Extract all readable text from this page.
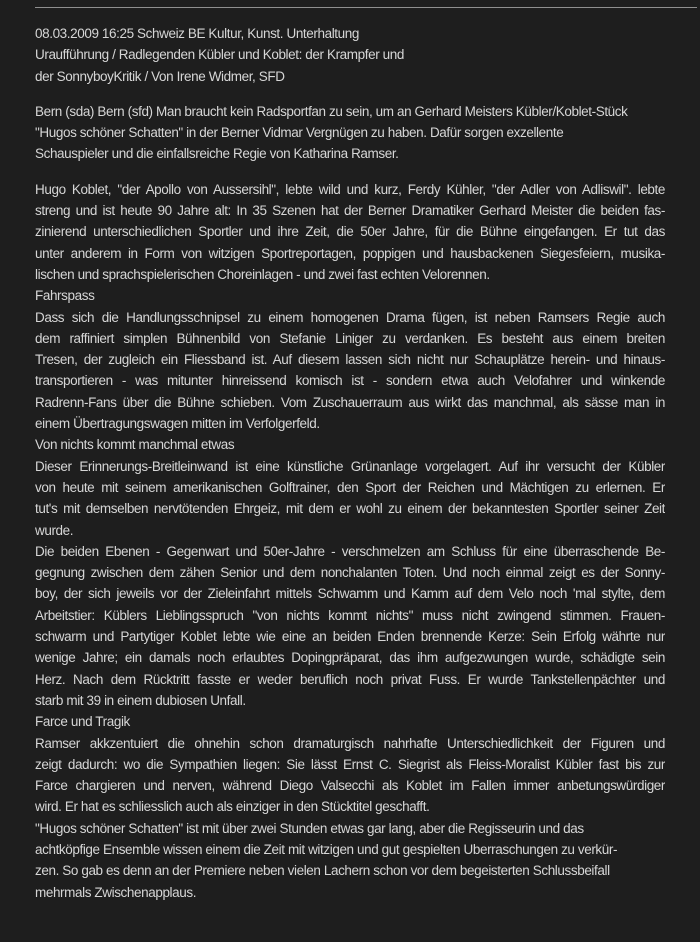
08.03.2009 16:25 Schweiz BE Kultur, Kunst. Unterhaltung
Uraufführung / Radlegenden Kübler und Koblet: der Krampfer und
der SonnyboyKritik / Von Irene Widmer, SFD
Bern (sda) Bern (sfd) Man braucht kein Radsportfan zu sein, um an Gerhard Meisters Kübler/Koblet-Stück
"Hugos schöner Schatten" in der Berner Vidmar Vergnügen zu haben. Dafür sorgen exzellente
Schauspieler und die einfallsreiche Regie von Katharina Ramser.
Hugo Koblet, "der Apollo von Aussersihl", lebte wild und kurz, Ferdy Kühler, "der Adler von Adliswil". lebte
streng und ist heute 90 Jahre alt: In 35 Szenen hat der Berner Dramatiker Gerhard Meister die beiden fas-
zinierend unterschiedlichen Sportler und ihre Zeit, die 50er Jahre, für die Bühne eingefangen. Er tut das
unter anderem in Form von witzigen Sportreportagen, poppigen und hausbackenen Siegesfeiern, musika-
lischen und sprachspielerischen Choreinlagen - und zwei fast echten Velorennen.
Fahrspass
Dass sich die Handlungsschnipsel zu einem homogenen Drama fügen, ist neben Ramsers Regie auch
dem raffiniert simplen Bühnenbild von Stefanie Liniger zu verdanken. Es besteht aus einem breiten
Tresen, der zugleich ein Fliessband ist. Auf diesem lassen sich nicht nur Schauplätze herein- und hinaus-
transportieren - was mitunter hinreissend komisch ist - sondern etwa auch Velofahrer und winkende
Radrenn-Fans über die Bühne schieben. Vom Zuschauerraum aus wirkt das manchmal, als sässe man in
einem Übertragungswagen mitten im Verfolgerfeld.
Von nichts kommt manchmal etwas
Dieser Erinnerungs-Breitleinwand ist eine künstliche Grünanlage vorgelagert. Auf ihr versucht der Kübler
von heute mit seinem amerikanischen Golftrainer, den Sport der Reichen und Mächtigen zu erlernen. Er
tut's mit demselben nervtötenden Ehrgeiz, mit dem er wohl zu einem der bekanntesten Sportler seiner Zeit
wurde.
Die beiden Ebenen - Gegenwart und 50er-Jahre - verschmelzen am Schluss für eine überraschende Be-
gegnung zwischen dem zähen Senior und dem nonchalanten Toten. Und noch einmal zeigt es der Sonny-
boy, der sich jeweils vor der Zieleinfahrt mittels Schwamm und Kamm auf dem Velo noch 'mal stylte, dem
Arbeitstier: Küblers Lieblingsspruch "von nichts kommt nichts" muss nicht zwingend stimmen. Frauen-
schwarm und Partytiger Koblet lebte wie eine an beiden Enden brennende Kerze: Sein Erfolg währte nur
wenige Jahre; ein damals noch erlaubtes Dopingpräparat, das ihm aufgezwungen wurde, schädigte sein
Herz. Nach dem Rücktritt fasste er weder beruflich noch privat Fuss. Er wurde Tankstellenpächter und
starb mit 39 in einem dubiosen Unfall.
Farce und Tragik
Ramser akkzentuiert die ohnehin schon dramaturgisch nahrhafte Unterschiedlichkeit der Figuren und
zeigt dadurch: wo die Sympathien liegen: Sie lässt Ernst C. Siegrist als Fleiss-Moralist Kübler fast bis zur
Farce chargieren und nerven, während Diego Valsecchi als Koblet im Fallen immer anbetungswürdiger
wird. Er hat es schliesslich auch als einziger in den Stücktitel geschafft.
"Hugos schöner Schatten" ist mit über zwei Stunden etwas gar lang, aber die Regisseurin und das
achtköpfige Ensemble wissen einem die Zeit mit witzigen und gut gespielten Uberraschungen zu verkür-
zen. So gab es denn an der Premiere neben vielen Lachern schon vor dem begeisterten Schlussbeifall
mehrmals Zwischenapplaus.
